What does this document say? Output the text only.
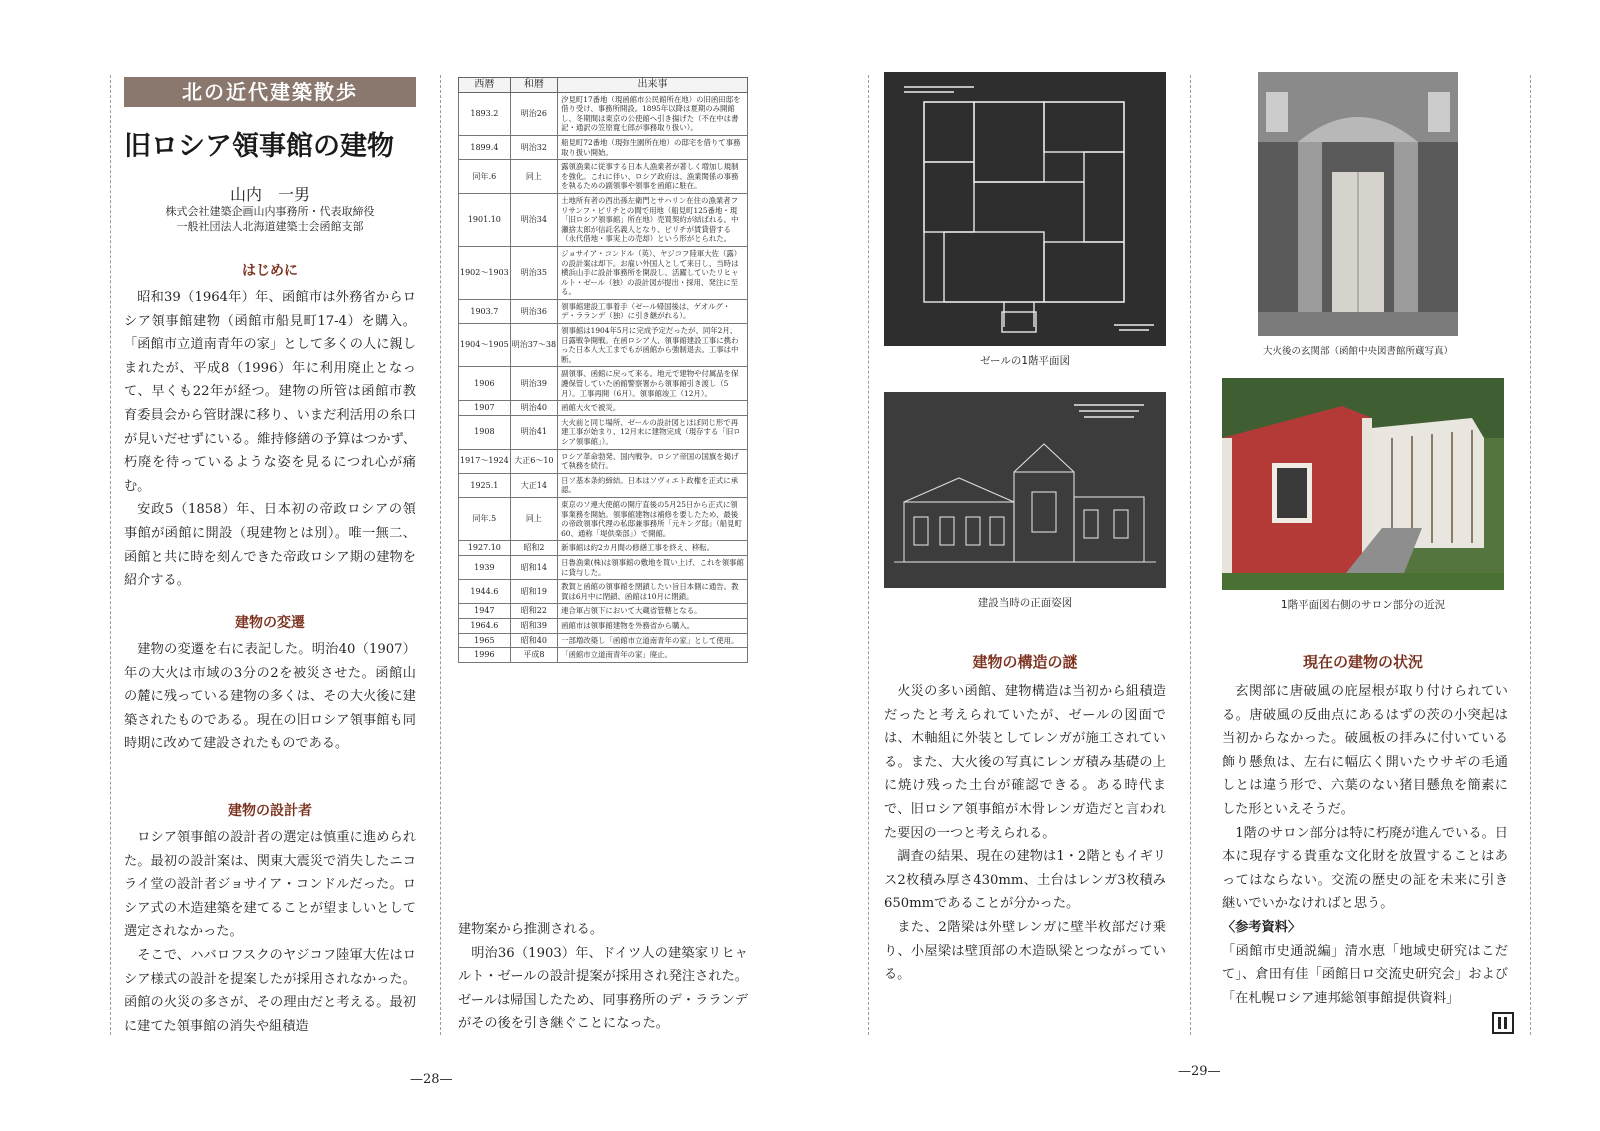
北の近代建築散歩
旧ロシア領事館の建物
山内　一男
株式会社建築企画山内事務所・代表取締役
一般社団法人北海道建築士会函館支部
はじめに

昭和39（1964年）年、函館市は外務省からロシア領事館建物（函館市船見町17-4）を購入。「函館市立道南青年の家」として多くの人に親しまれたが、平成8（1996）年に利用廃止となって、早くも22年が経つ。建物の所管は函館市教育委員会から管財課に移り、いまだ利活用の糸口が見いだせずにいる。維持修繕の予算はつかず、朽廃を待っているような姿を見るにつれ心が痛む。

安政5（1858）年、日本初の帝政ロシアの領事館が函館に開設（現建物とは別）。唯一無二、函館と共に時を刻んできた帝政ロシア期の建物を紹介する。

建物の変遷

建物の変遷を右に表記した。明治40（1907）年の大火は市域の3分の2を被災させた。函館山の麓に残っている建物の多くは、その大火後に建築されたものである。現在の旧ロシア領事館も同時期に改めて建設されたものである。

建物の設計者

ロシア領事館の設計者の選定は慎重に進められた。最初の設計案は、関東大震災で消失したニコライ堂の設計者ジョサイア・コンドルだった。ロシア式の木造建築を建てることが望ましいとして選定されなかった。

そこで、ハバロフスクのヤジコフ陸軍大佐はロシア様式の設計を提案したが採用されなかった。函館の火災の多さが、その理由だと考える。最初に建てた領事館の消失や組積造

西暦	和暦	出来事
1893.2	明治26	汐見町17番地（現函館市公民館所在地）の旧函田邸を借り受け、事務所開設。1895年以降は夏期のみ開館し、冬期間は東京の公使館へ引き揚げた（不在中は書記・通訳の笠原寛七郎が事務取り扱い）。
1899.4	明治32	船見町72番地（現弥生園所在地）の邸宅を借りて事務取り扱い開始。
同年.6	同上	露領漁業に従事する日本人漁業者が著しく増加し規制を強化。これに伴い、ロシア政府は、漁業関係の事務を執るための副領事や領事を函館に駐在。
1901.10	明治34	土地所有者の西出孫左衛門とサハリン在住の漁業者フリサンフ・ビリチとの間で用地（船見町125番地・現「旧ロシア領事館」所在地）売買契約が結ばれる。中瀬捨太郎が信託名義人となり、ビリチが賃貸借する（永代借地・事実上の売却）という形がとられた。
1902〜1903	明治35	ジョサイア・コンドル（英）、ヤジコフ陸軍大佐（露）の設計案は却下。お雇い外国人として来日し、当時は横浜山手に設計事務所を開設し、活躍していたリヒャルト・ゼール（独）の設計図が提出・採用、発注に至る。
1903.7	明治36	領事館建設工事着手（ゼール帰国後は、ゲオルグ・デ・ラランデ（独）に引き継がれる）。
1904〜1905	明治37〜38	領事館は1904年5月に完成予定だったが、同年2月、日露戦争開戦。在函ロシア人、領事館建設工事に携わった日本人大工までもが函館から強制退去。工事は中断。
1906	明治39	副領事、函館に戻って来る。地元で建物や付属品を保護保管していた函館警察署から領事館引き渡し（5月）。工事再開（6月）。領事館竣工（12月）。
1907	明治40	函館大火で被災。
1908	明治41	大火前と同じ場所、ゼールの設計図とほぼ同じ形で再建工事が始まり、12月末に建物完成（現存する「旧ロシア領事館」）。
1917〜1924	大正6〜10	ロシア革命勃発、国内戦争。ロシア帝国の国旗を掲げて執務を続行。
1925.1	大正14	日ソ基本条約締結。日本はソヴィエト政権を正式に承認。
同年.5	同上	東京のソ連大使館の開庁直後の5月25日から正式に領事業務を開始。領事館建物は補修を要したため、最後の帝政領事代理の私邸兼事務所「元キング邸」（船見町60、通称「堤供楽部」）で開館。
1927.10	昭和2	新事館は約2カ月間の修繕工事を終え、移転。
1939	昭和14	日魯漁業(株)は領事館の敷地を買い上げ、これを領事館に貸与した。
1944.6	昭和19	教賀と函館の領事館を閉鎖したい旨日本側に通告。教賀は6月中に閉鎖、函館は10月に閉鎖。
1947	昭和22	連合軍占領下において大蔵省管轄となる。
1964.6	昭和39	函館市は領事館建物を外務省から購入。
1965	昭和40	一部増改築し「函館市立道南青年の家」として使用。
1996	平成8	「函館市立道南青年の家」廃止。

建物案から推測される。

明治36（1903）年、ドイツ人の建築家リヒャルト・ゼールの設計提案が採用され発注された。ゼールは帰国したため、同事務所のデ・ラランデがその後を引き継ぐことになった。

—28—
ゼールの1階平面図
大火後の玄関部（函館中央図書館所蔵写真）
建設当時の正面姿図	1階平面図右側のサロン部分の近況
建物の構造の謎

火災の多い函館、建物構造は当初から組積造だったと考えられていたが、ゼールの図面では、木軸組に外装としてレンガが施工されている。また、大火後の写真にレンガ積み基礎の上に焼け残った土台が確認できる。ある時代まで、旧ロシア領事館が木骨レンガ造だと言われた要因の一つと考えられる。

調査の結果、現在の建物は1・2階ともイギリス2枚積み厚さ430mm、土台はレンガ3枚積み650mmであることが分かった。

また、2階梁は外壁レンガに壁半枚部だけ乗り、小屋梁は壁頂部の木造臥梁とつながっている。

現在の建物の状況

玄関部に唐破風の庇屋根が取り付けられている。唐破風の反曲点にあるはずの茨の小突起は当初からなかった。破風板の拝みに付いている飾り懸魚は、左右に幅広く開いたウサギの毛通しとは違う形で、六葉のない猪目懸魚を簡素にした形といえそうだ。

1階のサロン部分は特に朽廃が進んでいる。日本に現存する貴重な文化財を放置することはあってはならない。交流の歴史の証を未来に引き継いでいかなければと思う。

〈参考資料〉

「函館市史通説編」清水恵「地域史研究はこだて」、倉田有佳「函館日ロ交流史研究会」および「在札幌ロシア連邦総領事館提供資料」

—29—
